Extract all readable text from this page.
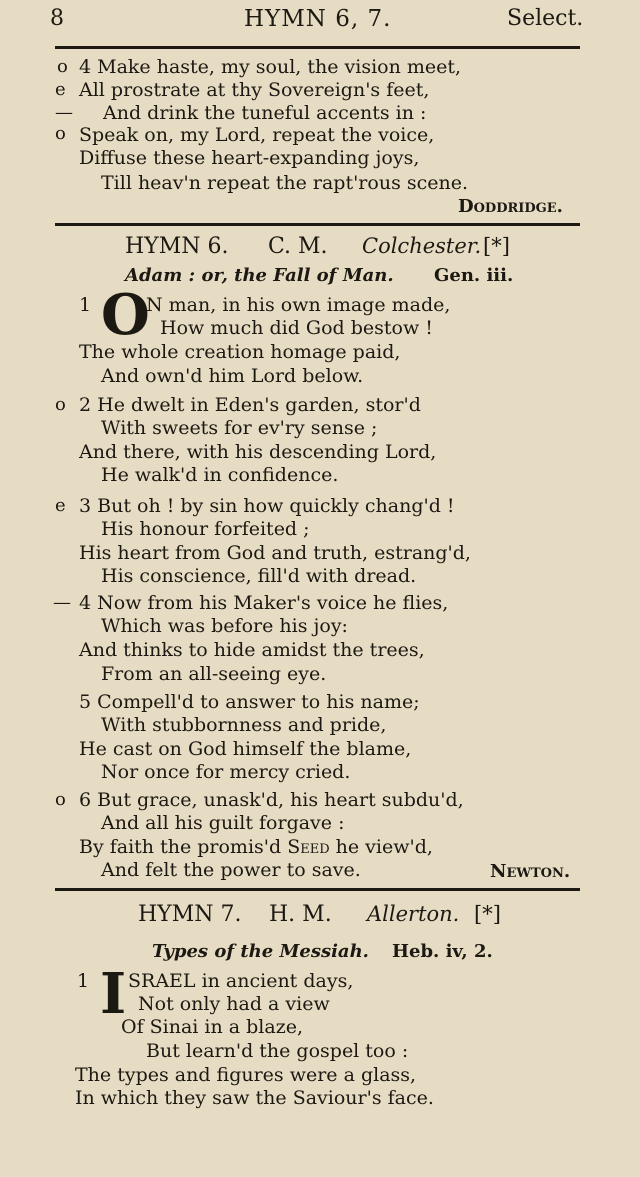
8	HYMN 6, 7.	Select.
o
e
—
o
4 Make haste, my soul, the vision meet,
All prostrate at thy Sovereign's feet,
And drink the tuneful accents in :
Speak on, my Lord, repeat the voice,
Diffuse these heart-expanding joys,
Till heav'n repeat the rapt'rous scene.
Doddridge.
HYMN 6. C. M. Colchester. [*]
Adam : or, the Fall of Man. Gen. iii.
1 O
N man, in his own image made,
How much did God bestow !
The whole creation homage paid,
And own'd him Lord below.
o 2 He dwelt in Eden's garden, stor'd
With sweets for ev'ry sense ;
And there, with his descending Lord,
He walk'd in confidence.
e 3 But oh ! by sin how quickly chang'd !
His honour forfeited ;
His heart from God and truth, estrang'd,
His conscience, fill'd with dread.
— 4 Now from his Maker's voice he flies,
Which was before his joy:
And thinks to hide amidst the trees,
From an all-seeing eye.
5 Compell'd to answer to his name;
With stubbornness and pride,
He cast on God himself the blame,
Nor once for mercy cried.
o 6 But grace, unask'd, his heart subdu'd,
And all his guilt forgave :
By faith the promis'd Seed he view'd,
And felt the power to save.	Newton.
HYMN 7. H. M. Allerton. [*]
Types of the Messiah. Heb. iv, 2.
1 I SRAEL in ancient days,
Not only had a view
Of Sinai in a blaze,
But learn'd the gospel too :
The types and figures were a glass,
In which they saw the Saviour's face.
